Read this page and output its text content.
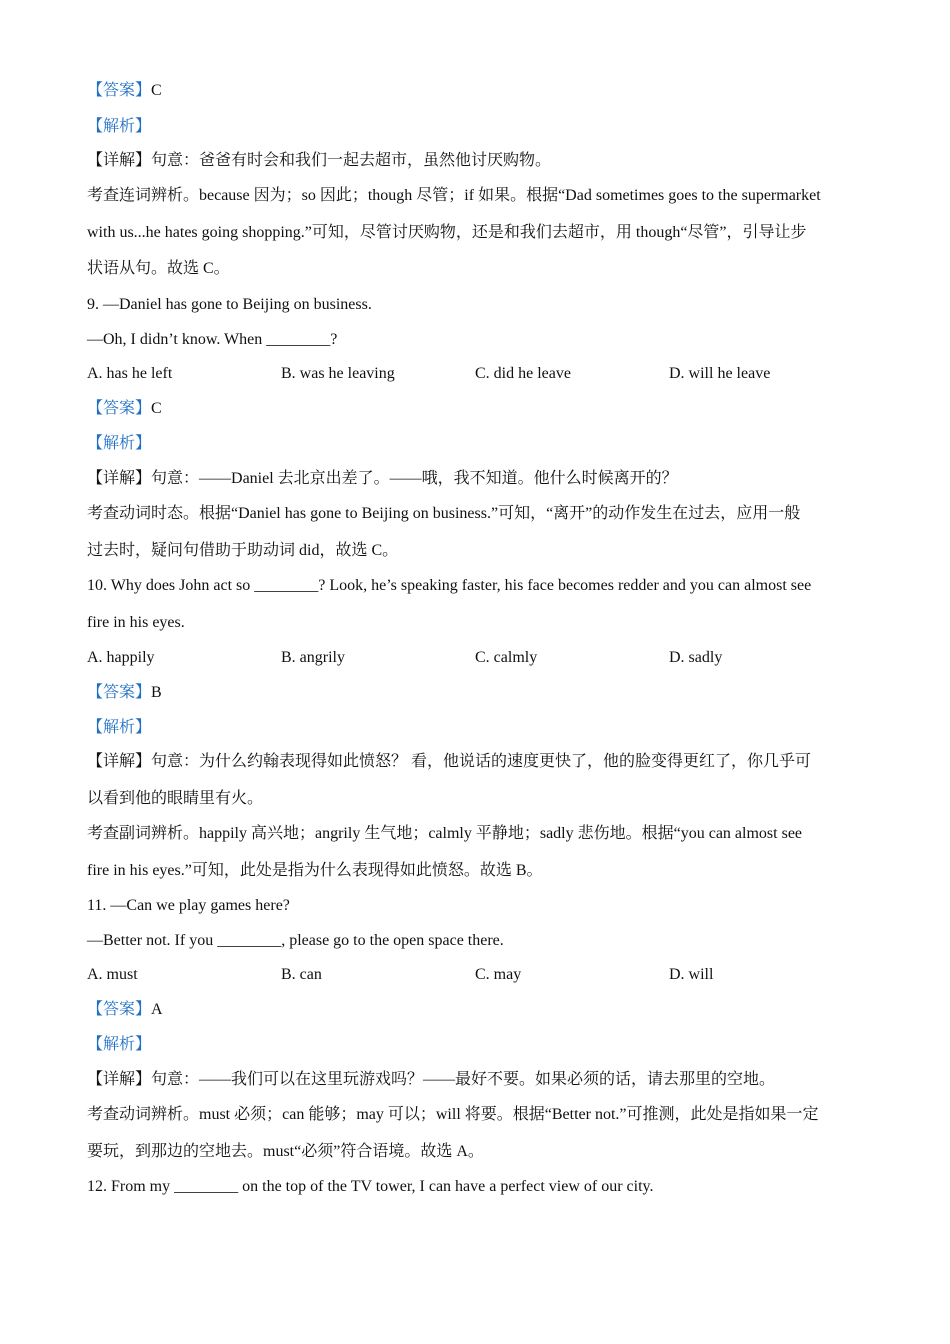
【答案】C
【解析】
【详解】句意：爸爸有时会和我们一起去超市，虽然他讨厌购物。
考查连词辨析。because 因为；so 因此；though 尽管；if 如果。根据“Dad sometimes goes to the supermarket
with us...he hates going shopping.”可知，尽管讨厌购物，还是和我们去超市，用 though“尽管”，引导让步
状语从句。故选 C。
9. —Daniel has gone to Beijing on business.
—Oh, I didn’t know. When ________?
A. has he left	B. was he leaving	C. did he leave	D. will he leave
【答案】C
【解析】
【详解】句意：——Daniel 去北京出差了。——哦，我不知道。他什么时候离开的？
考查动词时态。根据“Daniel has gone to Beijing on business.”可知，“离开”的动作发生在过去，应用一般
过去时，疑问句借助于助动词 did，故选 C。
10. Why does John act so ________? Look, he’s speaking faster, his face becomes redder and you can almost see
fire in his eyes.
A. happily	B. angrily	C. calmly	D. sadly
【答案】B
【解析】
【详解】句意：为什么约翰表现得如此愤怒？ 看，他说话的速度更快了，他的脸变得更红了，你几乎可
以看到他的眼睛里有火。
考查副词辨析。happily 高兴地；angrily 生气地；calmly 平静地；sadly 悲伤地。根据“you can almost see
fire in his eyes.”可知，此处是指为什么表现得如此愤怒。故选 B。
11. —Can we play games here?
—Better not. If you ________, please go to the open space there.
A. must	B. can	C. may	D. will
【答案】A
【解析】
【详解】句意：——我们可以在这里玩游戏吗？——最好不要。如果必须的话，请去那里的空地。
考查动词辨析。must 必须；can 能够；may 可以；will 将要。根据“Better not.”可推测，此处是指如果一定
要玩，到那边的空地去。must“必须”符合语境。故选 A。
12. From my ________ on the top of the TV tower, I can have a perfect view of our city.
